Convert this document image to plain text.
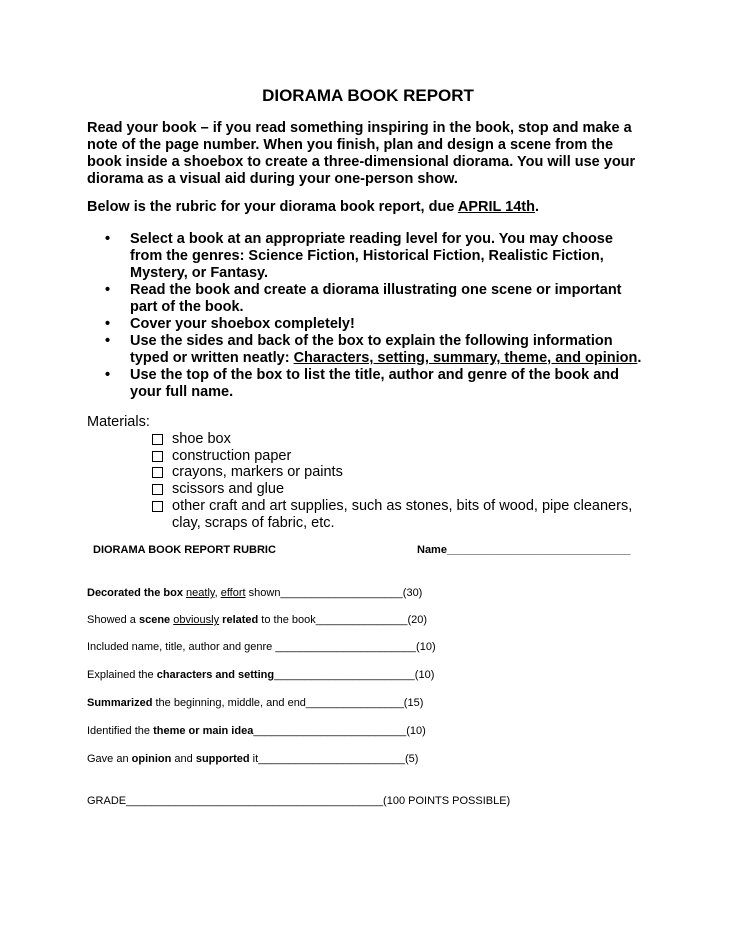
DIORAMA BOOK REPORT
Read your book – if you read something inspiring in the book, stop and make a note of the page number. When you finish, plan and design a scene from the book inside a shoebox to create a three-dimensional diorama. You will use your diorama as a visual aid during your one-person show.
Below is the rubric for your diorama book report, due APRIL 14th.
• Select a book at an appropriate reading level for you. You may choose from the genres: Science Fiction, Historical Fiction, Realistic Fiction, Mystery, or Fantasy.
• Read the book and create a diorama illustrating one scene or important part of the book.
• Cover your shoebox completely!
• Use the sides and back of the box to explain the following information typed or written neatly: Characters, setting, summary, theme, and opinion.
• Use the top of the box to list the title, author and genre of the book and your full name.
Materials:
shoe box
construction paper
crayons, markers or paints
scissors and glue
other craft and art supplies, such as stones, bits of wood, pipe cleaners, clay, scraps of fabric, etc.
DIORAMA BOOK REPORT RUBRIC	Name______________________________
Decorated the box neatly, effort shown____________________(30)
Showed a scene obviously related to the book_______________(20)
Included name, title, author and genre _______________________(10)
Explained the characters and setting_______________________(10)
Summarized the beginning, middle, and end________________(15)
Identified the theme or main idea_________________________(10)
Gave an opinion and supported it________________________(5)
GRADE__________________________________________(100 POINTS POSSIBLE)
